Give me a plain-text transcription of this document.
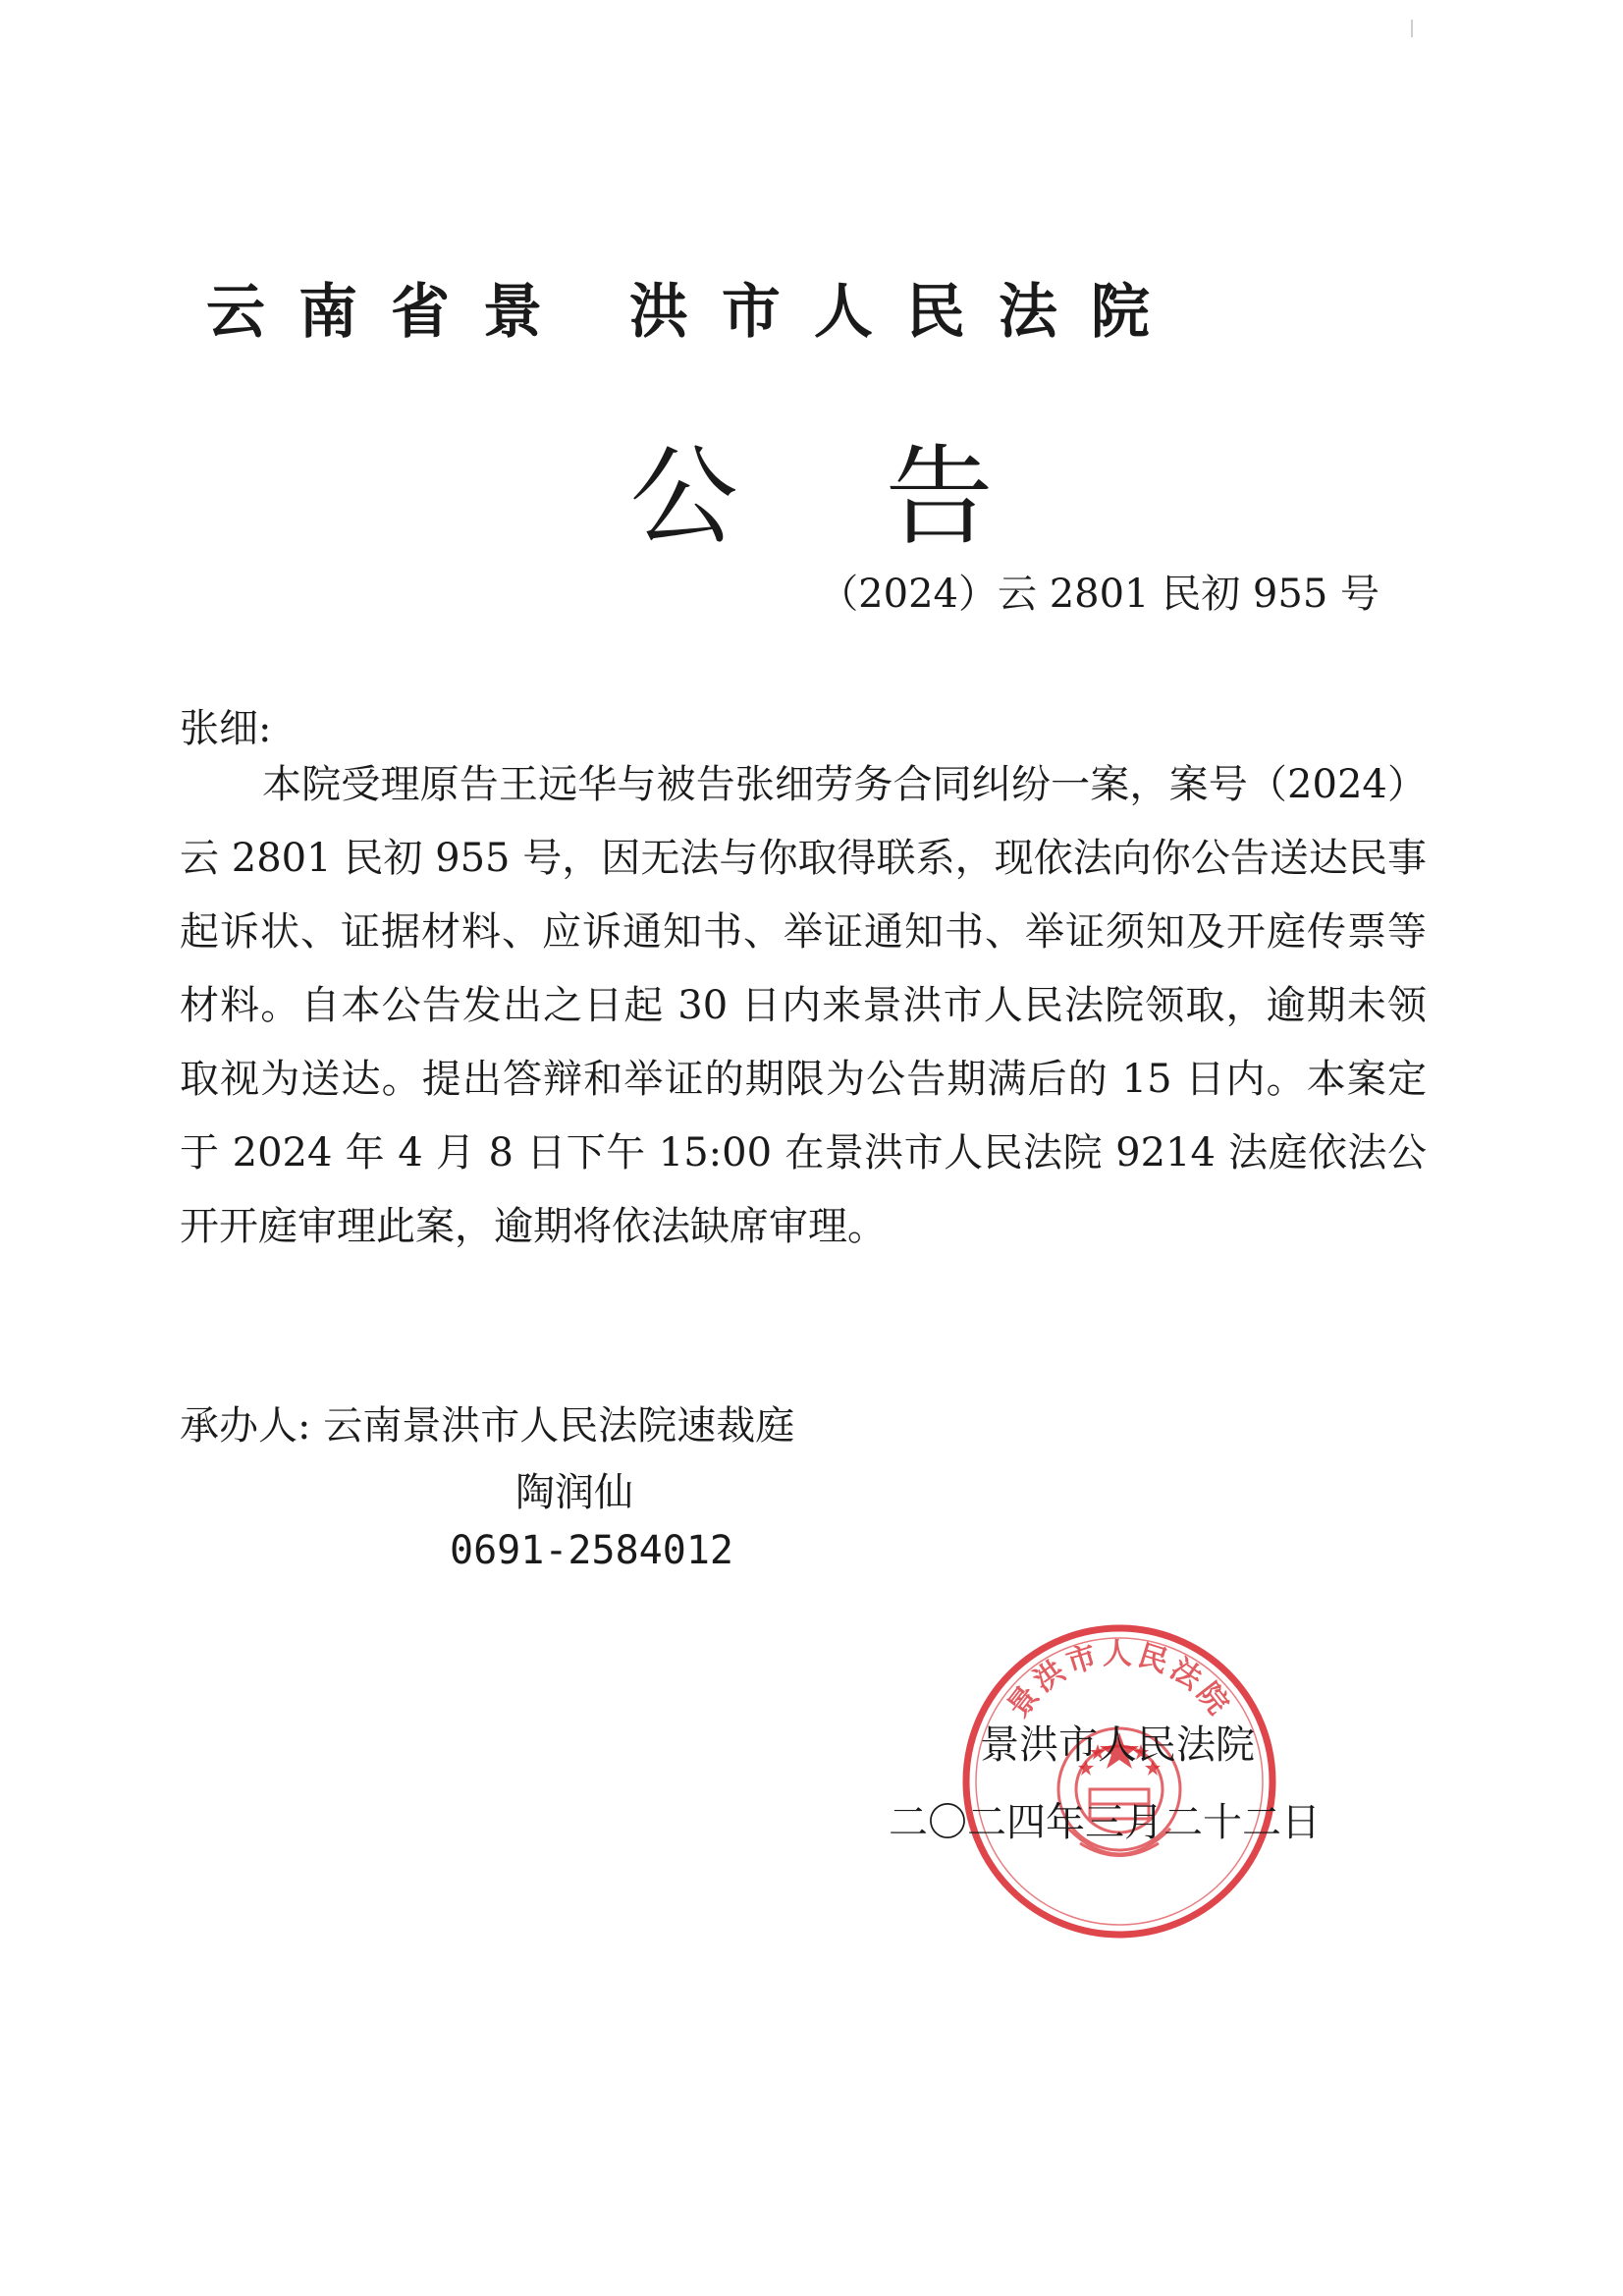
云南省景 洪市人民法院
公 告
（2024）云 2801 民初 955 号
张细:

本院受理原告王远华与被告张细劳务合同纠纷一案，案号（2024）云 2801 民初 955 号，因无法与你取得联系，现依法向你公告送达民事起诉状、证据材料、应诉通知书、举证通知书、举证须知及开庭传票等材料。自本公告发出之日起 30 日内来景洪市人民法院领取，逾期未领取视为送达。提出答辩和举证的期限为公告期满后的 15 日内。本案定于 2024 年 4 月 8 日下午 15:00 在景洪市人民法院 9214 法庭依法公开开庭审理此案，逾期将依法缺席审理。

承办人: 云南景洪市人民法院速裁庭
陶润仙
0691-2584012
景洪市人民法院
景洪市人民法院
二〇二四年三月二十二日
